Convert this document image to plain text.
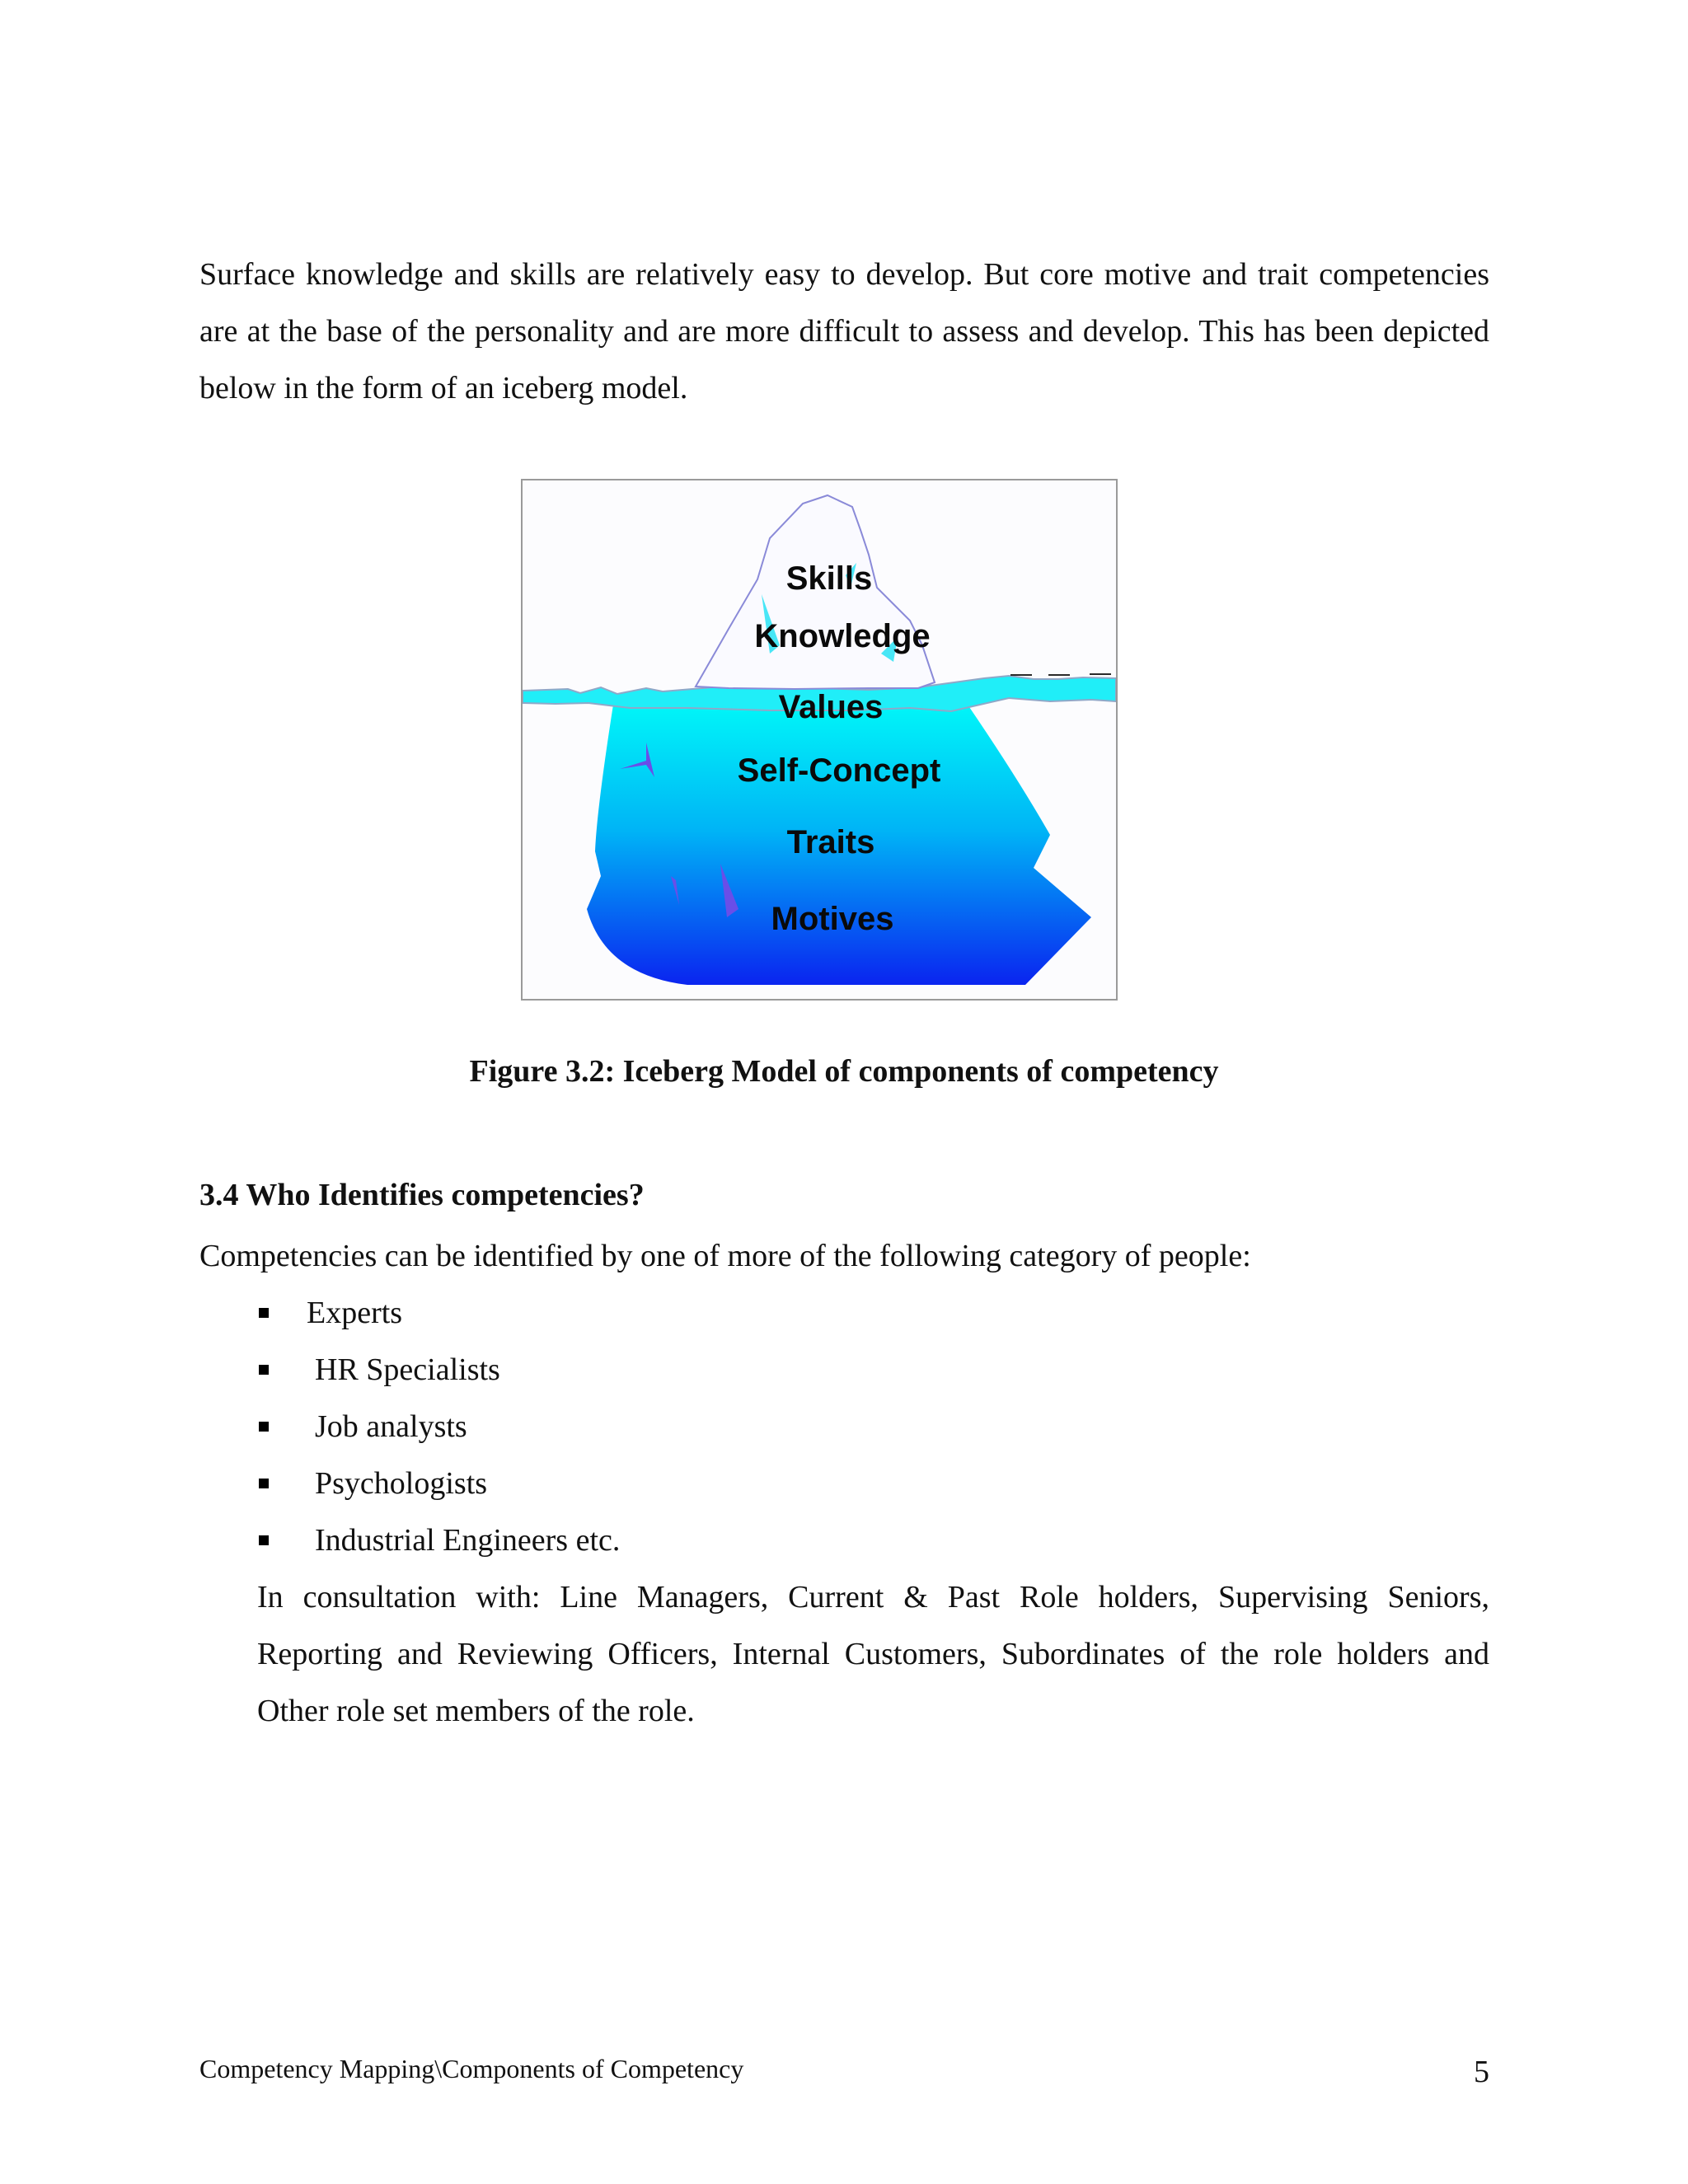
Surface knowledge and skills are relatively easy to develop. But core motive and trait competencies are at the base of the personality and are more difficult to assess and develop. This has been depicted below in the form of an iceberg model.

Skills
Knowledge
Values
Self-Concept
Traits
Motives

Figure 3.2: Iceberg Model of components of competency

3.4 Who Identifies competencies?

Competencies can be identified by one of more of the following category of people:

Experts
HR Specialists
Job analysts
Psychologists
Industrial Engineers etc.

In consultation with: Line Managers, Current & Past Role holders, Supervising Seniors, Reporting and Reviewing Officers, Internal Customers, Subordinates of the role holders and Other role set members of the role.

Competency Mapping\Components of Competency	5
